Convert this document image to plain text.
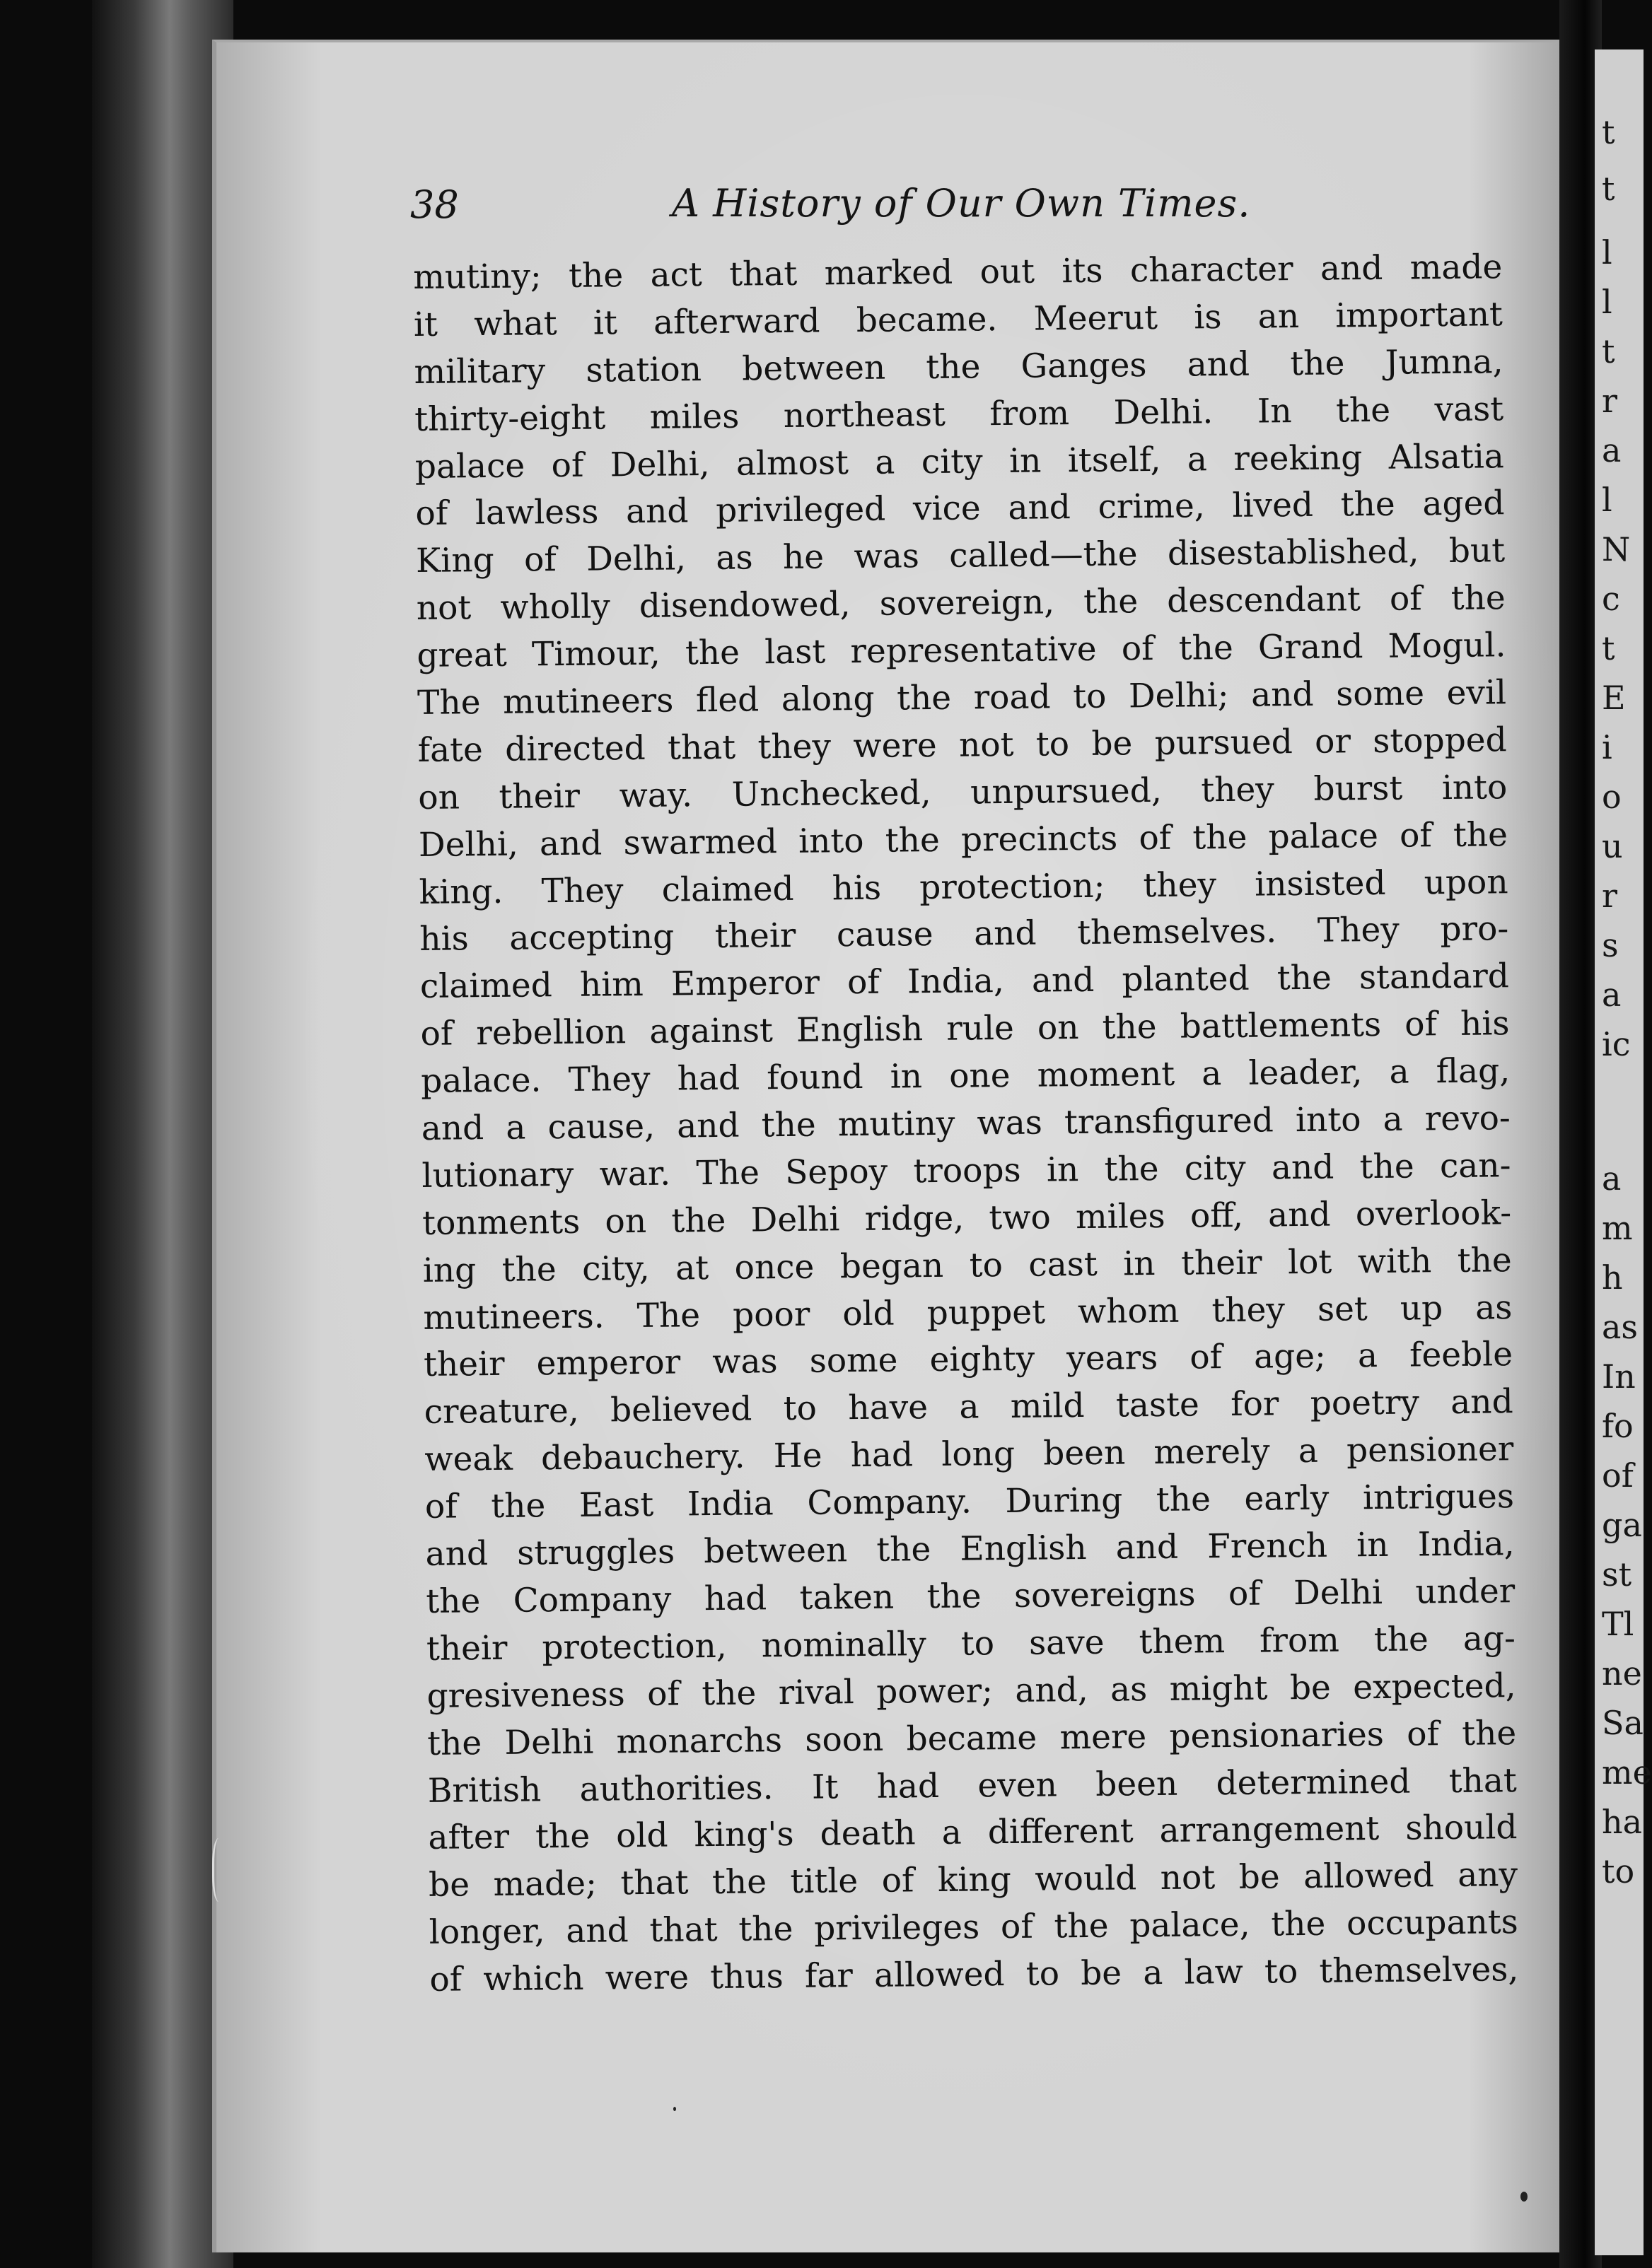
38	A History of Our Own Times.
mutiny; the act that marked out its character and made
it what it afterward became. Meerut is an important
military station between the Ganges and the Jumna,
thirty-eight miles northeast from Delhi. In the vast
palace of Delhi, almost a city in itself, a reeking Alsatia
of lawless and privileged vice and crime, lived the aged
King of Delhi, as he was called—the disestablished, but
not wholly disendowed, sovereign, the descendant of the
great Timour, the last representative of the Grand Mogul.
The mutineers fled along the road to Delhi; and some evil
fate directed that they were not to be pursued or stopped
on their way. Unchecked, unpursued, they burst into
Delhi, and swarmed into the precincts of the palace of the
king. They claimed his protection; they insisted upon
his accepting their cause and themselves. They pro-
claimed him Emperor of India, and planted the standard
of rebellion against English rule on the battlements of his
palace. They had found in one moment a leader, a flag,
and a cause, and the mutiny was transfigured into a revo-
lutionary war. The Sepoy troops in the city and the can-
tonments on the Delhi ridge, two miles off, and overlook-
ing the city, at once began to cast in their lot with the
mutineers. The poor old puppet whom they set up as
their emperor was some eighty years of age; a feeble
creature, believed to have a mild taste for poetry and
weak debauchery. He had long been merely a pensioner
of the East India Company. During the early intrigues
and struggles between the English and French in India,
the Company had taken the sovereigns of Delhi under
their protection, nominally to save them from the ag-
gresiveness of the rival power; and, as might be expected,
the Delhi monarchs soon became mere pensionaries of the
British authorities. It had even been determined that
after the old king's death a different arrangement should
be made; that the title of king would not be allowed any
longer, and that the privileges of the palace, the occupants
of which were thus far allowed to be a law to themselves,
t
t
l
l
t
r
a
l
N
c
t
E
i
o
u
r
s
a
ic
a
m
h
as
In
fo
of
ga
st
Tl
ne
Sa
me
ha
to
